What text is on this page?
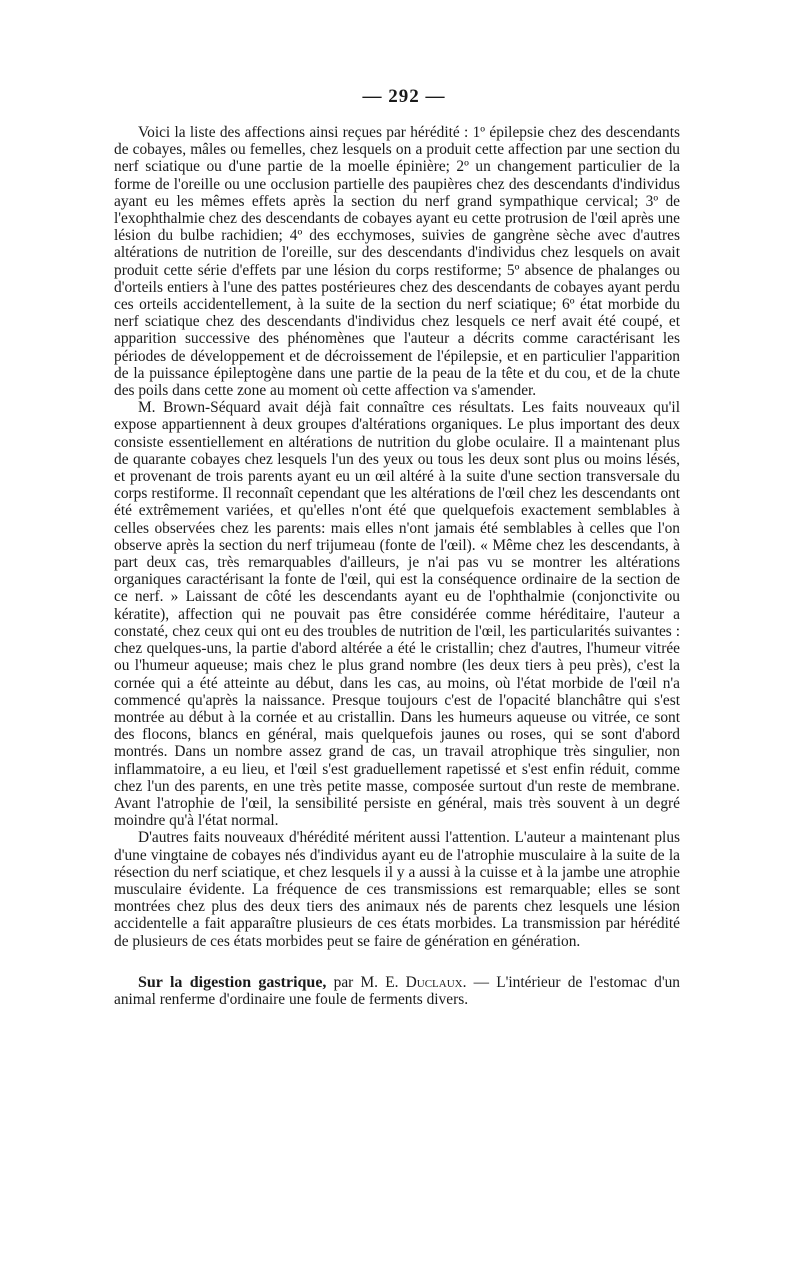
— 292 —

Voici la liste des affections ainsi reçues par hérédité : 1º épilepsie chez des descendants de cobayes, mâles ou femelles, chez lesquels on a produit cette affection par une section du nerf sciatique ou d'une partie de la moelle épinière; 2º un changement particulier de la forme de l'oreille ou une occlusion partielle des paupières chez des descendants d'individus ayant eu les mêmes effets après la section du nerf grand sympathique cervical; 3º de l'exophthalmie chez des descendants de cobayes ayant eu cette protrusion de l'œil après une lésion du bulbe rachidien; 4º des ecchymoses, suivies de gangrène sèche avec d'autres altérations de nutrition de l'oreille, sur des descendants d'individus chez lesquels on avait produit cette série d'effets par une lésion du corps restiforme; 5º absence de phalanges ou d'orteils entiers à l'une des pattes postérieures chez des descendants de cobayes ayant perdu ces orteils accidentellement, à la suite de la section du nerf sciatique; 6º état morbide du nerf sciatique chez des descendants d'individus chez lesquels ce nerf avait été coupé, et apparition successive des phénomènes que l'auteur a décrits comme caractérisant les périodes de développement et de décroissement de l'épilepsie, et en particulier l'apparition de la puissance épileptogène dans une partie de la peau de la tête et du cou, et de la chute des poils dans cette zone au moment où cette affection va s'amender.

M. Brown-Séquard avait déjà fait connaître ces résultats. Les faits nouveaux qu'il expose appartiennent à deux groupes d'altérations organiques. Le plus important des deux consiste essentiellement en altérations de nutrition du globe oculaire. Il a maintenant plus de quarante cobayes chez lesquels l'un des yeux ou tous les deux sont plus ou moins lésés, et provenant de trois parents ayant eu un œil altéré à la suite d'une section transversale du corps restiforme. Il reconnaît cependant que les altérations de l'œil chez les descendants ont été extrêmement variées, et qu'elles n'ont été que quelquefois exactement semblables à celles observées chez les parents: mais elles n'ont jamais été semblables à celles que l'on observe après la section du nerf trijumeau (fonte de l'œil). « Même chez les descendants, à part deux cas, très remarquables d'ailleurs, je n'ai pas vu se montrer les altérations organiques caractérisant la fonte de l'œil, qui est la conséquence ordinaire de la section de ce nerf. » Laissant de côté les descendants ayant eu de l'ophthalmie (conjonctivite ou kératite), affection qui ne pouvait pas être considérée comme héréditaire, l'auteur a constaté, chez ceux qui ont eu des troubles de nutrition de l'œil, les particularités suivantes : chez quelques-uns, la partie d'abord altérée a été le cristallin; chez d'autres, l'humeur vitrée ou l'humeur aqueuse; mais chez le plus grand nombre (les deux tiers à peu près), c'est la cornée qui a été atteinte au début, dans les cas, au moins, où l'état morbide de l'œil n'a commencé qu'après la naissance. Presque toujours c'est de l'opacité blanchâtre qui s'est montrée au début à la cornée et au cristallin. Dans les humeurs aqueuse ou vitrée, ce sont des flocons, blancs en général, mais quelquefois jaunes ou roses, qui se sont d'abord montrés. Dans un nombre assez grand de cas, un travail atrophique très singulier, non inflammatoire, a eu lieu, et l'œil s'est graduellement rapetissé et s'est enfin réduit, comme chez l'un des parents, en une très petite masse, composée surtout d'un reste de membrane. Avant l'atrophie de l'œil, la sensibilité persiste en général, mais très souvent à un degré moindre qu'à l'état normal.

D'autres faits nouveaux d'hérédité méritent aussi l'attention. L'auteur a maintenant plus d'une vingtaine de cobayes nés d'individus ayant eu de l'atrophie musculaire à la suite de la résection du nerf sciatique, et chez lesquels il y a aussi à la cuisse et à la jambe une atrophie musculaire évidente. La fréquence de ces transmissions est remarquable; elles se sont montrées chez plus des deux tiers des animaux nés de parents chez lesquels une lésion accidentelle a fait apparaître plusieurs de ces états morbides. La transmission par hérédité de plusieurs de ces états morbides peut se faire de génération en génération.

Sur la digestion gastrique, par M. E. Duclaux. — L'intérieur de l'estomac d'un animal renferme d'ordinaire une foule de ferments divers.
